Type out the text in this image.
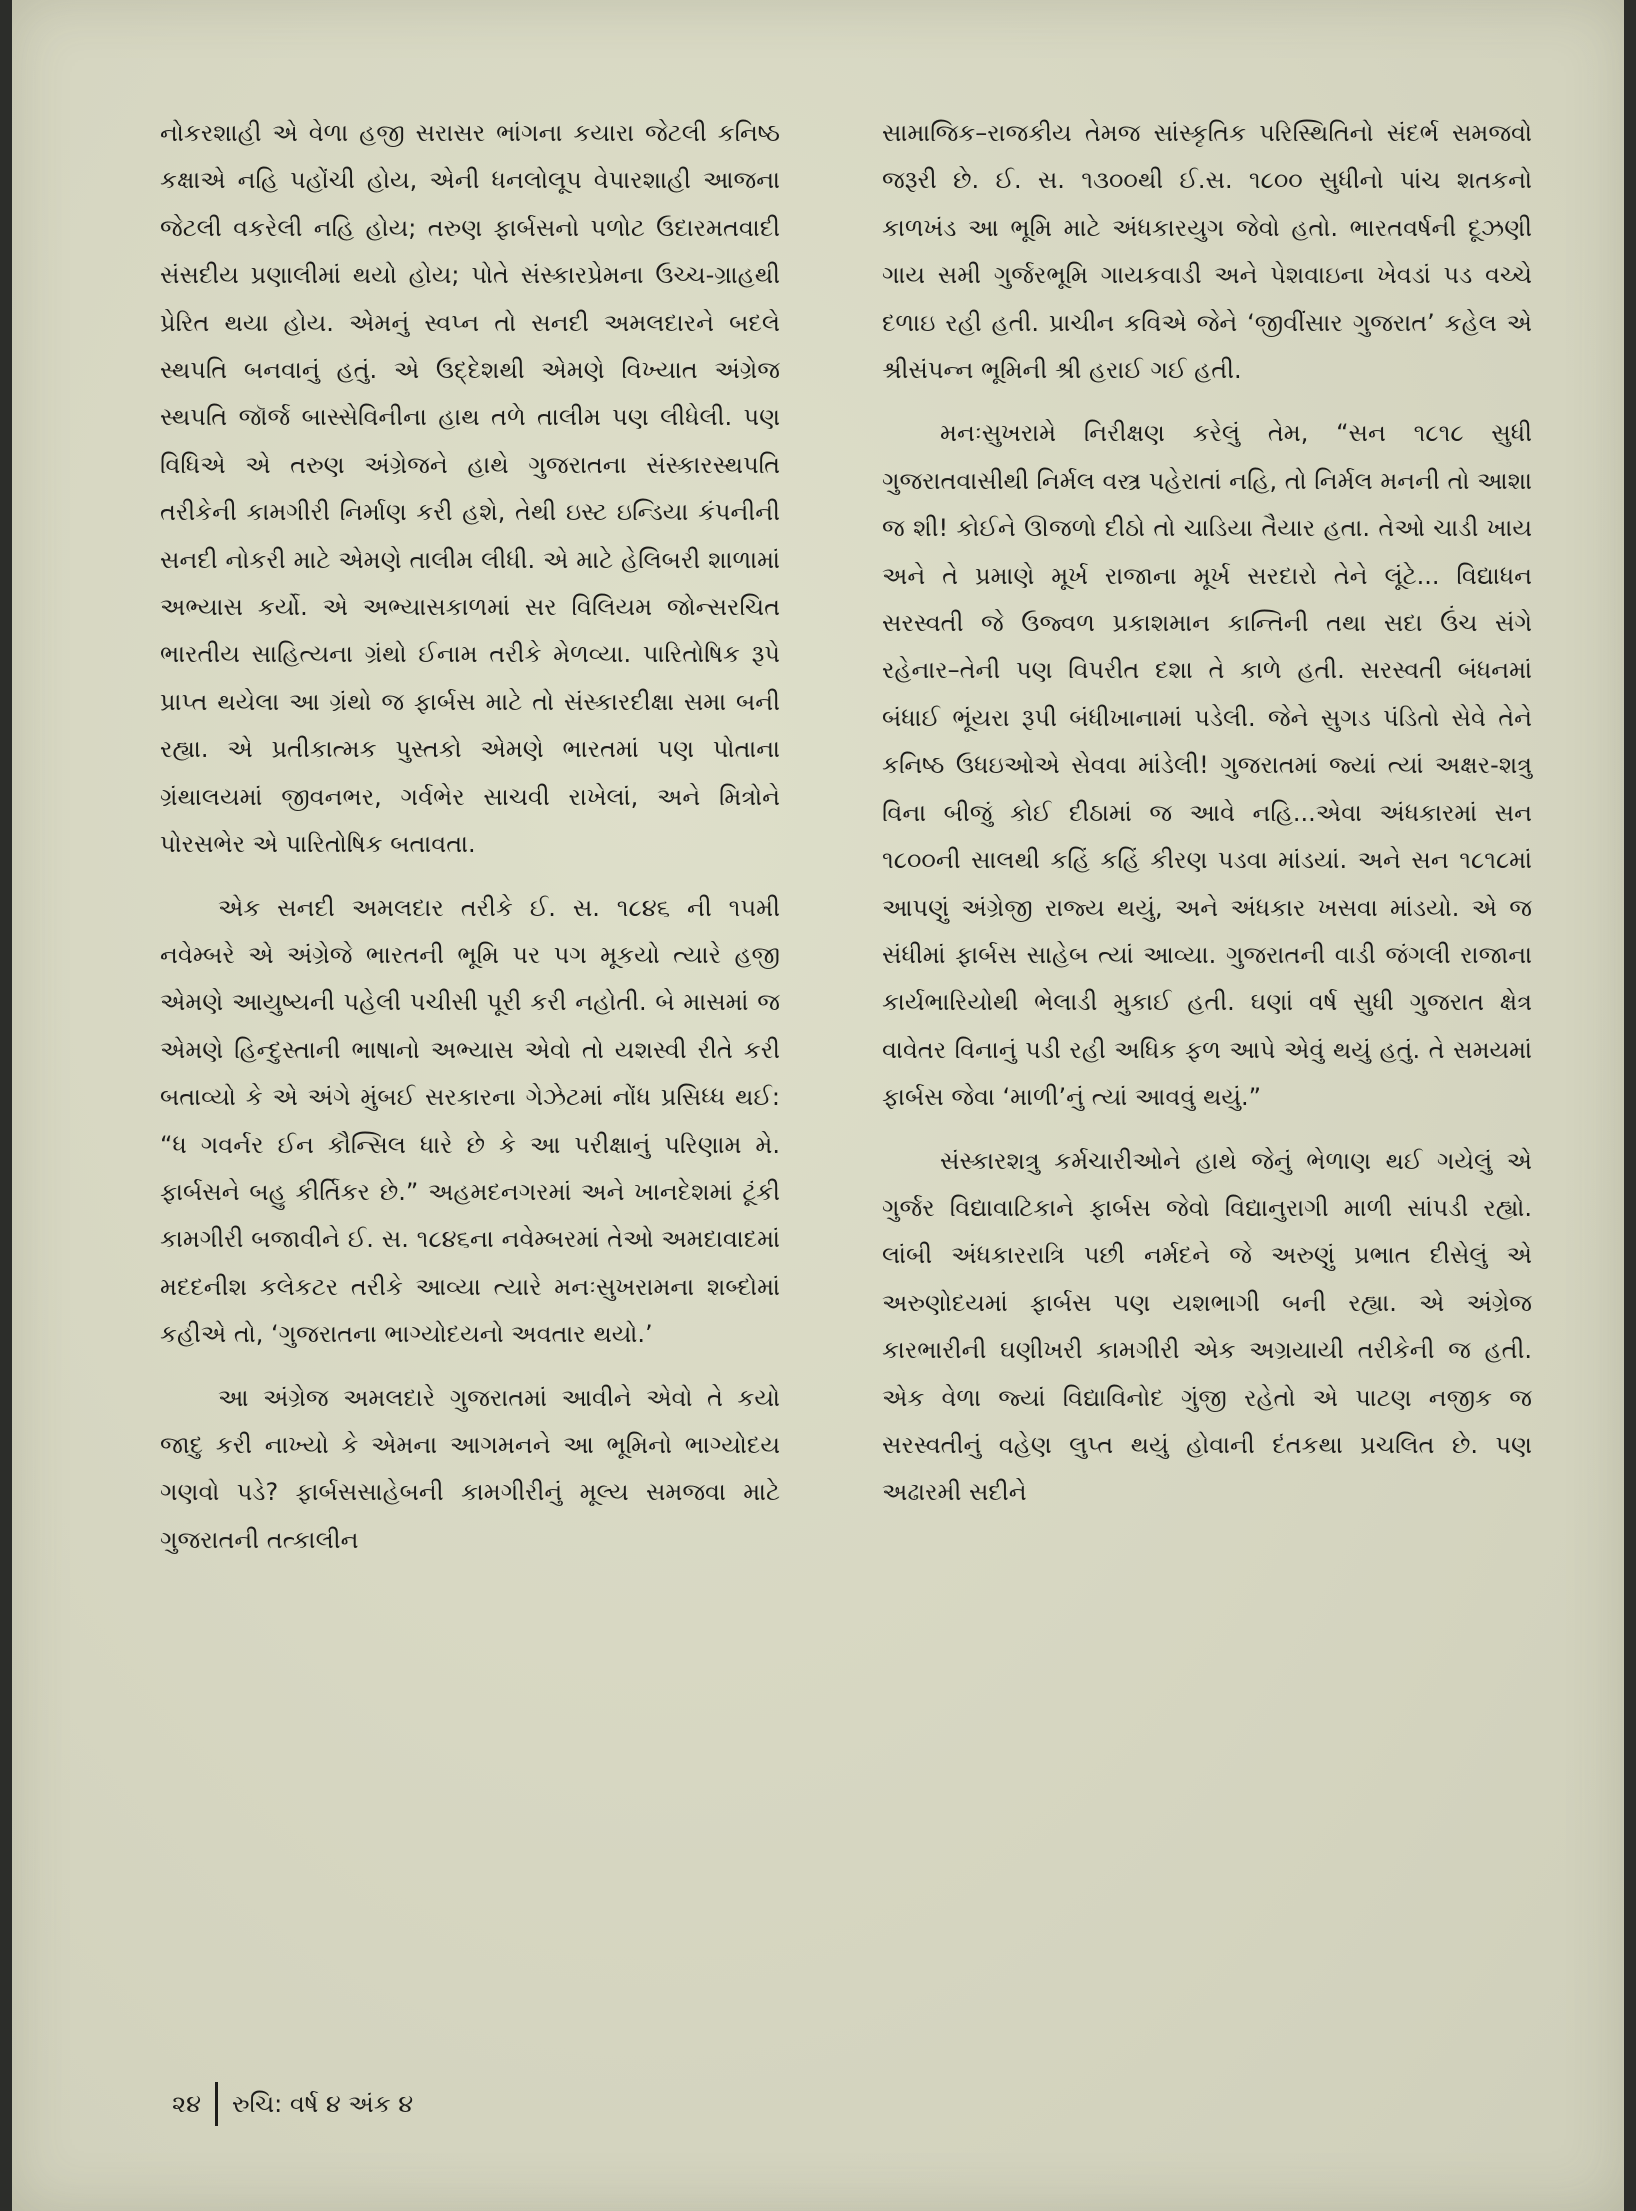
નોકરશાહી એ વેળા હજી સરાસર ભાંગના કયારા જેટલી કનિષ્ઠ કક્ષાએ નહિ પહોંચી હોય, એની ધનલોલૂપ વેપારશાહી આજના જેટલી વકરેલી નહિ હોય; તરુણ ફાર્બસનો પળોટ ઉદારમતવાદી સંસદીય પ્રણાલીમાં થયો હોય; પોતે સંસ્કારપ્રેમના ઉચ્ચ-ગ્રાહથી પ્રેરિત થયા હોય. એમનું સ્વપ્ન તો સનદી અમલદારને બદલે સ્થપતિ બનવાનું હતું. એ ઉદ્દેશથી એમણે વિખ્યાત અંગ્રેજ સ્થપતિ જૉર્જ બાસ્સેવિનીના હાથ તળે તાલીમ પણ લીધેલી. પણ વિધિએ એ તરુણ અંગ્રેજને હાથે ગુજરાતના સંસ્કારસ્થપતિ તરીકેની કામગીરી નિર્માણ કરી હશે, તેથી ઇસ્ટ ઇન્ડિયા કંપનીની સનદી નોકરી માટે એમણે તાલીમ લીધી. એ માટે હેલિબરી શાળામાં અભ્યાસ કર્યો. એ અભ્યાસકાળમાં સર વિલિયમ જોન્સરચિત ભારતીય સાહિત્યના ગ્રંથો ઈનામ તરીકે મેળવ્યા. પારિતોષિક રૂપે પ્રાપ્ત થયેલા આ ગ્રંથો જ ફાર્બસ માટે તો સંસ્કારદીક્ષા સમા બની રહ્યા. એ પ્રતીકાત્મક પુસ્તકો એમણે ભારતમાં પણ પોતાના ગ્રંથાલયમાં જીવનભર, ગર્વભેર સાચવી રાખેલાં, અને મિત્રોને પોરસભેર એ પારિતોષિક બતાવતા.

એક સનદી અમલદાર તરીકે ઈ. સ. ૧૮૪૬ ની ૧૫મી નવેમ્બરે એ અંગ્રેજે ભારતની ભૂમિ પર પગ મૂકયો ત્યારે હજી એમણે આયુષ્યની પહેલી પચીસી પૂરી કરી નહોતી. બે માસમાં જ એમણે હિન્દુસ્તાની ભાષાનો અભ્યાસ એવો તો યશસ્વી રીતે કરી બતાવ્યો કે એ અંગે મુંબઈ સરકારના ગેઝેટમાં નોંધ પ્રસિધ્ધ થઈ: “ધ ગવર્નર ઈન કૌન્સિલ ધારે છે કે આ પરીક્ષાનું પરિણામ મે. ફાર્બસને બહુ કીર્તિકર છે.” અહમદનગરમાં અને ખાનદેશમાં ટૂંકી કામગીરી બજાવીને ઈ. સ. ૧૮૪૬ના નવેમ્બરમાં તેઓ અમદાવાદમાં મદદનીશ કલેકટર તરીકે આવ્યા ત્યારે મનઃસુખરામના શબ્દોમાં કહીએ તો, ‘ગુજરાતના ભાગ્યોદયનો અવતાર થયો.’

આ અંગ્રેજ અમલદારે ગુજરાતમાં આવીને એવો તે કયો જાદુ કરી નાખ્યો કે એમના આગમનને આ ભૂમિનો ભાગ્યોદય ગણવો પડે? ફાર્બસસાહેબની કામગીરીનું મૂલ્ય સમજવા માટે ગુજરાતની તત્કાલીન

સામાજિક–રાજકીય તેમજ સાંસ્કૃતિક પરિસ્થિતિનો સંદર્ભ સમજવો જરૂરી છે. ઈ. સ. ૧૩૦૦થી ઈ.સ. ૧૮૦૦ સુધીનો પાંચ શતકનો કાળખંડ આ ભૂમિ માટે અંધકારયુગ જેવો હતો. ભારતવર્ષની દૂઝણી ગાય સમી ગુર્જરભૂમિ ગાયકવાડી અને પેશવાઇના ખેવડાં પડ વચ્ચે દળાઇ રહી હતી. પ્રાચીન કવિએ જેને ‘જીવીંસાર ગુજરાત’ કહેલ એ શ્રીસંપન્ન ભૂમિની શ્રી હરાઈ ગઈ હતી.

મનઃસુખરામે નિરીક્ષણ કરેલું તેમ, “સન ૧૮૧૮ સુધી ગુજરાતવાસીથી નિર્મલ વસ્ત્ર પહેરાતાં નહિ, તો નિર્મલ મનની તો આશા જ શી! કોઈને ઊજળો દીઠો તો ચાડિયા તૈયાર હતા. તેઓ ચાડી ખાય અને તે પ્રમાણે મૂર્ખ રાજાના મૂર્ખ સરદારો તેને લૂંટે... વિદ્યાધન સરસ્વતી જે ઉજ્વળ પ્રકાશમાન કાન્તિની તથા સદા ઉંચ સંગે રહેનાર–તેની પણ વિપરીત દશા તે કાળે હતી. સરસ્વતી બંધનમાં બંધાઈ ભૂંયરા રૂપી બંધીખાનામાં પડેલી. જેને સુગડ પંડિતો સેવે તેને કનિષ્ઠ ઉધઇઓએ સેવવા માંડેલી! ગુજરાતમાં જ્યાં ત્યાં અક્ષર-શત્રુ વિના બીજું કોઈ દીઠામાં જ આવે નહિ...એવા અંધકારમાં સન ૧૮૦૦ની સાલથી કહિં કહિં કીરણ પડવા માંડયાં. અને સન ૧૮૧૮માં આપણું અંગ્રેજી રાજ્ય થયું, અને અંધકાર ખસવા માંડયો. એ જ સંધીમાં ફાર્બસ સાહેબ ત્યાં આવ્યા. ગુજરાતની વાડી જંગલી રાજાના કાર્યભારિયોથી ભેલાડી મુકાઈ હતી. ઘણાં વર્ષ સુધી ગુજરાત ક્ષેત્ર વાવેતર વિનાનું પડી રહી અધિક ફળ આપે એવું થયું હતું. તે સમયમાં ફાર્બસ જેવા ‘માળી’નું ત્યાં આવવું થયું.”

સંસ્કારશત્રુ કર્મચારીઓને હાથે જેનું ભેળાણ થઈ ગયેલું એ ગુર્જર વિદ્યાવાટિકાને ફાર્બસ જેવો વિદ્યાનુરાગી માળી સાંપડી રહ્યો. લાંબી અંધકારરાત્રિ પછી નર્મદને જે અરુણું પ્રભાત દીસેલું એ અરુણોદયમાં ફાર્બસ પણ યશભાગી બની રહ્યા. એ અંગ્રેજ કારભારીની ઘણીખરી કામગીરી એક અગ્રયાયી તરીકેની જ હતી. એક વેળા જ્યાં વિદ્યાવિનોદ ગુંજી રહેતો એ પાટણ નજીક જ સરસ્વતીનું વહેણ લુપ્ત થયું હોવાની દંતકથા પ્રચલિત છે. પણ અઢારમી સદીને

૨૪ રુચિ: વર્ષ ૪ અંક ૪
